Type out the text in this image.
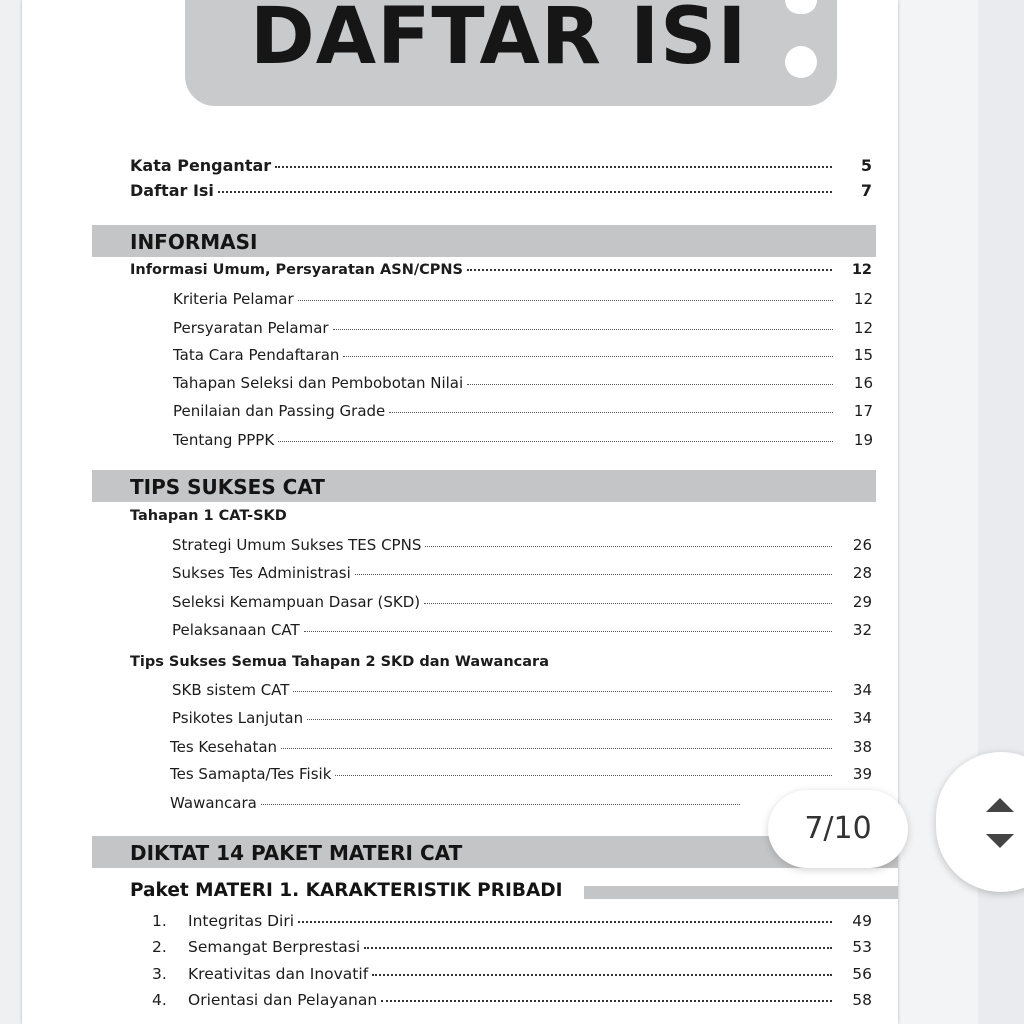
DAFTAR ISI
Kata Pengantar	5
Daftar Isi	7
INFORMASI
Informasi Umum, Persyaratan ASN/CPNS	12
Kriteria Pelamar	12
Persyaratan Pelamar	12
Tata Cara Pendaftaran	15
Tahapan Seleksi dan Pembobotan Nilai	16
Penilaian dan Passing Grade	17
Tentang PPPK	19
TIPS SUKSES CAT
Tahapan 1 CAT-SKD
Strategi Umum Sukses TES CPNS	26
Sukses Tes Administrasi	28
Seleksi Kemampuan Dasar (SKD)	29
Pelaksanaan CAT	32
Tips Sukses Semua Tahapan 2 SKD dan Wawancara
SKB sistem CAT	34
Psikotes Lanjutan	34
Tes Kesehatan	38
Tes Samapta/Tes Fisik	39
Wawancara
DIKTAT 14 PAKET MATERI CAT
Paket MATERI 1. KARAKTERISTIK PRIBADI
1.	Integritas Diri	49
2.	Semangat Berprestasi	53
3.	Kreativitas dan Inovatif	56
4.	Orientasi dan Pelayanan	58
7/10
